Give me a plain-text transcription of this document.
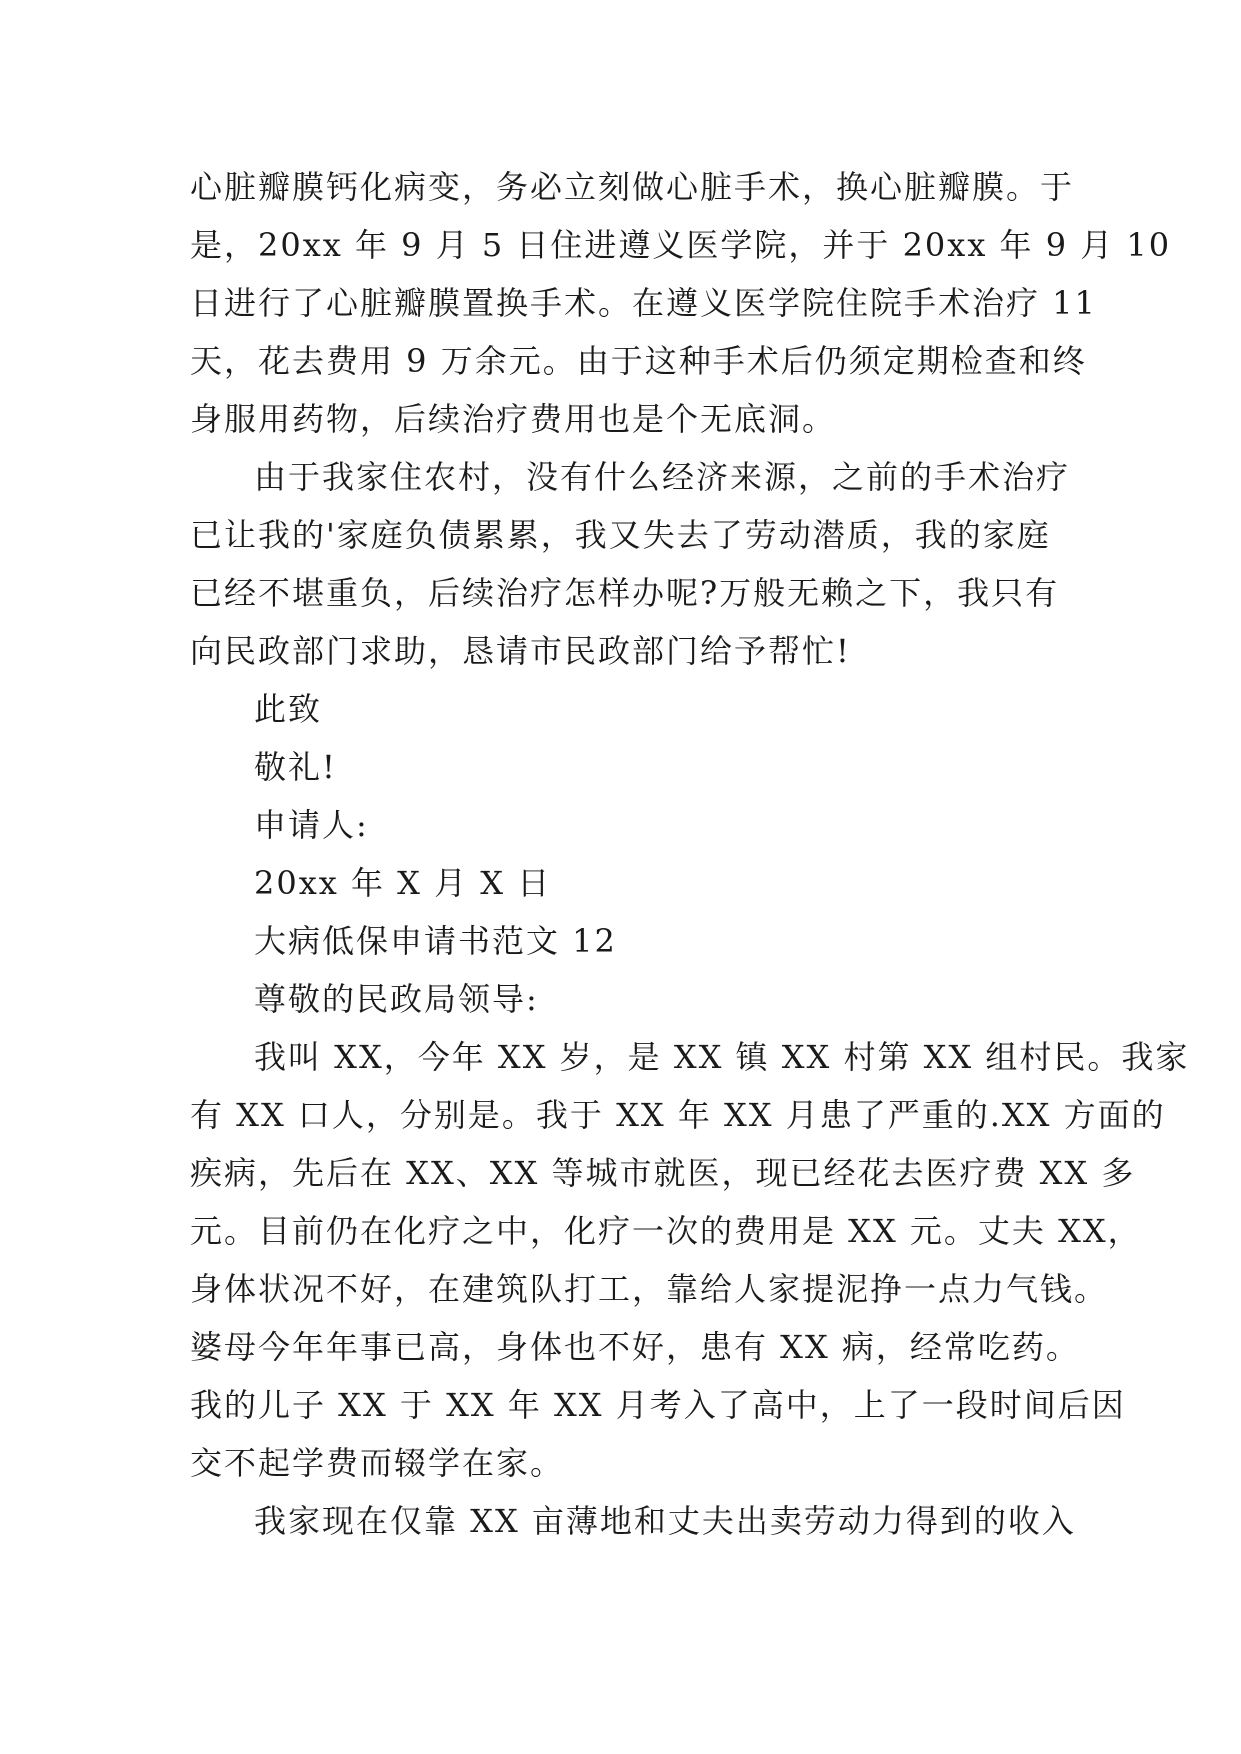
心脏瓣膜钙化病变，务必立刻做心脏手术，换心脏瓣膜。于
是，20xx 年 9 月 5 日住进遵义医学院，并于 20xx 年 9 月 10
日进行了心脏瓣膜置换手术。在遵义医学院住院手术治疗 11
天，花去费用 9 万余元。由于这种手术后仍须定期检查和终
身服用药物，后续治疗费用也是个无底洞。
由于我家住农村，没有什么经济来源，之前的手术治疗
已让我的'家庭负债累累，我又失去了劳动潜质，我的家庭
已经不堪重负，后续治疗怎样办呢?万般无赖之下，我只有
向民政部门求助，恳请市民政部门给予帮忙!
此致
敬礼!
申请人:
20xx 年 X 月 X 日
大病低保申请书范文 12
尊敬的民政局领导:
我叫 XX，今年 XX 岁，是 XX 镇 XX 村第 XX 组村民。我家
有 XX 口人，分别是。我于 XX 年 XX 月患了严重的.XX 方面的
疾病，先后在 XX、XX 等城市就医，现已经花去医疗费 XX 多
元。目前仍在化疗之中，化疗一次的费用是 XX 元。丈夫 XX，
身体状况不好，在建筑队打工，靠给人家提泥挣一点力气钱。
婆母今年年事已高，身体也不好，患有 XX 病，经常吃药。
我的儿子 XX 于 XX 年 XX 月考入了高中，上了一段时间后因
交不起学费而辍学在家。
我家现在仅靠 XX 亩薄地和丈夫出卖劳动力得到的收入
